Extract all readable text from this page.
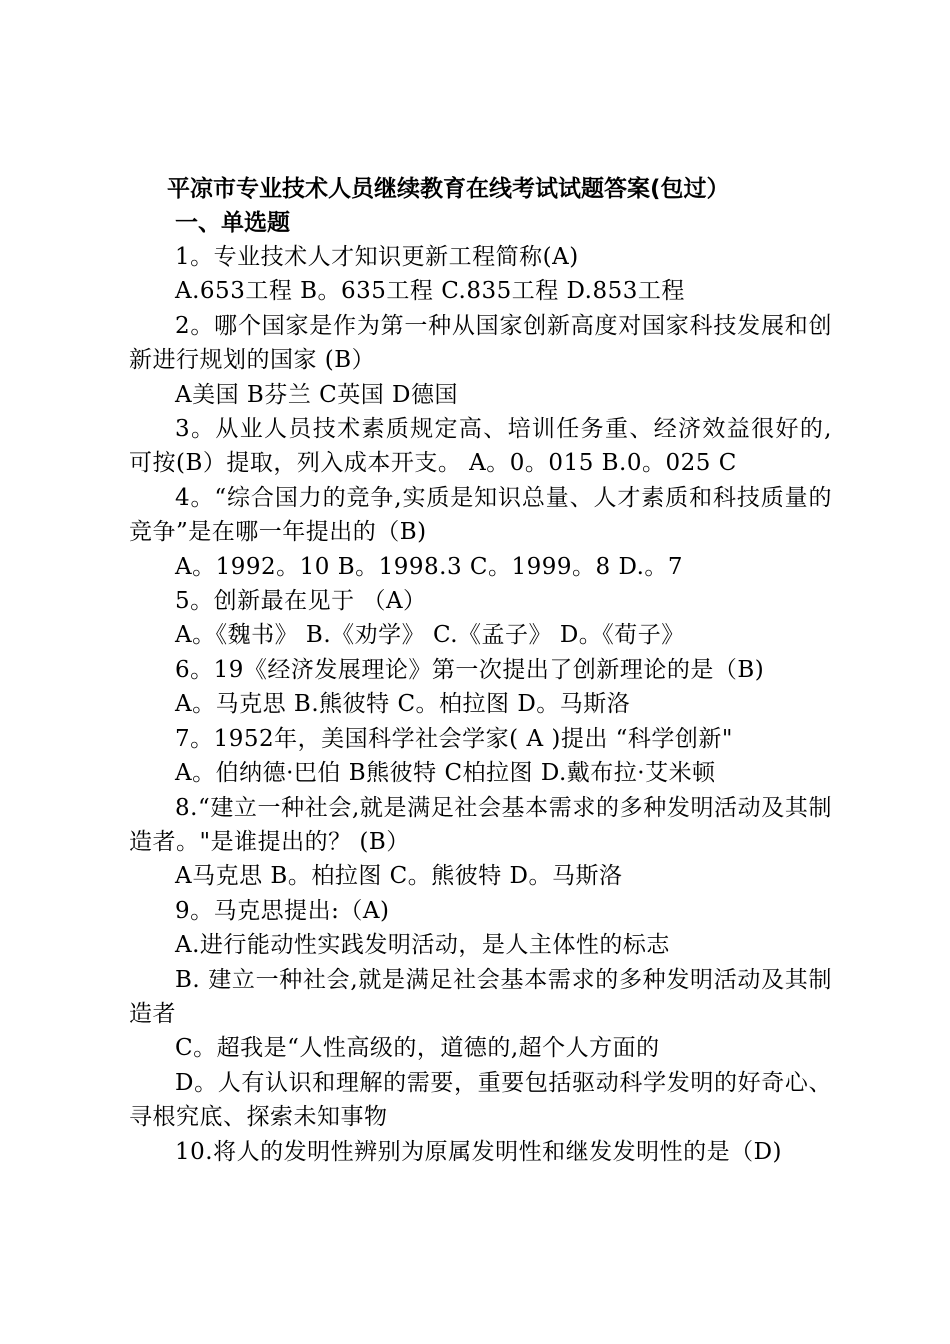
平凉市专业技术人员继续教育在线考试试题答案(包过）
一、单选题

1。专业技术人才知识更新工程简称(A)

A.653工程 B。635工程 C.835工程 D.853工程

2。哪个国家是作为第一种从国家创新高度对国家科技发展和创新进行规划的国家 (B）

A美国 B芬兰 C英国 D德国

3。从业人员技术素质规定高、培训任务重、经济效益很好的,可按(B）提取，列入成本开支。 A。0。015 B.0。025 C

4。“综合国力的竞争,实质是知识总量、人才素质和科技质量的竞争”是在哪一年提出的（B)

A。1992。10 B。1998.3 C。1999。8 D.。7

5。创新最在见于 （A）

A。《魏书》 B.《劝学》 C.《孟子》 D。《荀子》

6。19《经济发展理论》第一次提出了创新理论的是（B)

A。马克思 B.熊彼特 C。柏拉图 D。马斯洛

7。1952年，美国科学社会学家( A )提出 “科学创新"

A。伯纳德·巴伯 B熊彼特 C柏拉图 D.戴布拉·艾米顿

8.“建立一种社会,就是满足社会基本需求的多种发明活动及其制造者。"是谁提出的？ (B）

A马克思 B。柏拉图 C。熊彼特 D。马斯洛

9。马克思提出:（A)

A.进行能动性实践发明活动，是人主体性的标志

B. 建立一种社会,就是满足社会基本需求的多种发明活动及其制造者

C。超我是“人性高级的，道德的,超个人方面的

D。人有认识和理解的需要，重要包括驱动科学发明的好奇心、寻根究底、探索未知事物

10.将人的发明性辨别为原属发明性和继发发明性的是（D)
